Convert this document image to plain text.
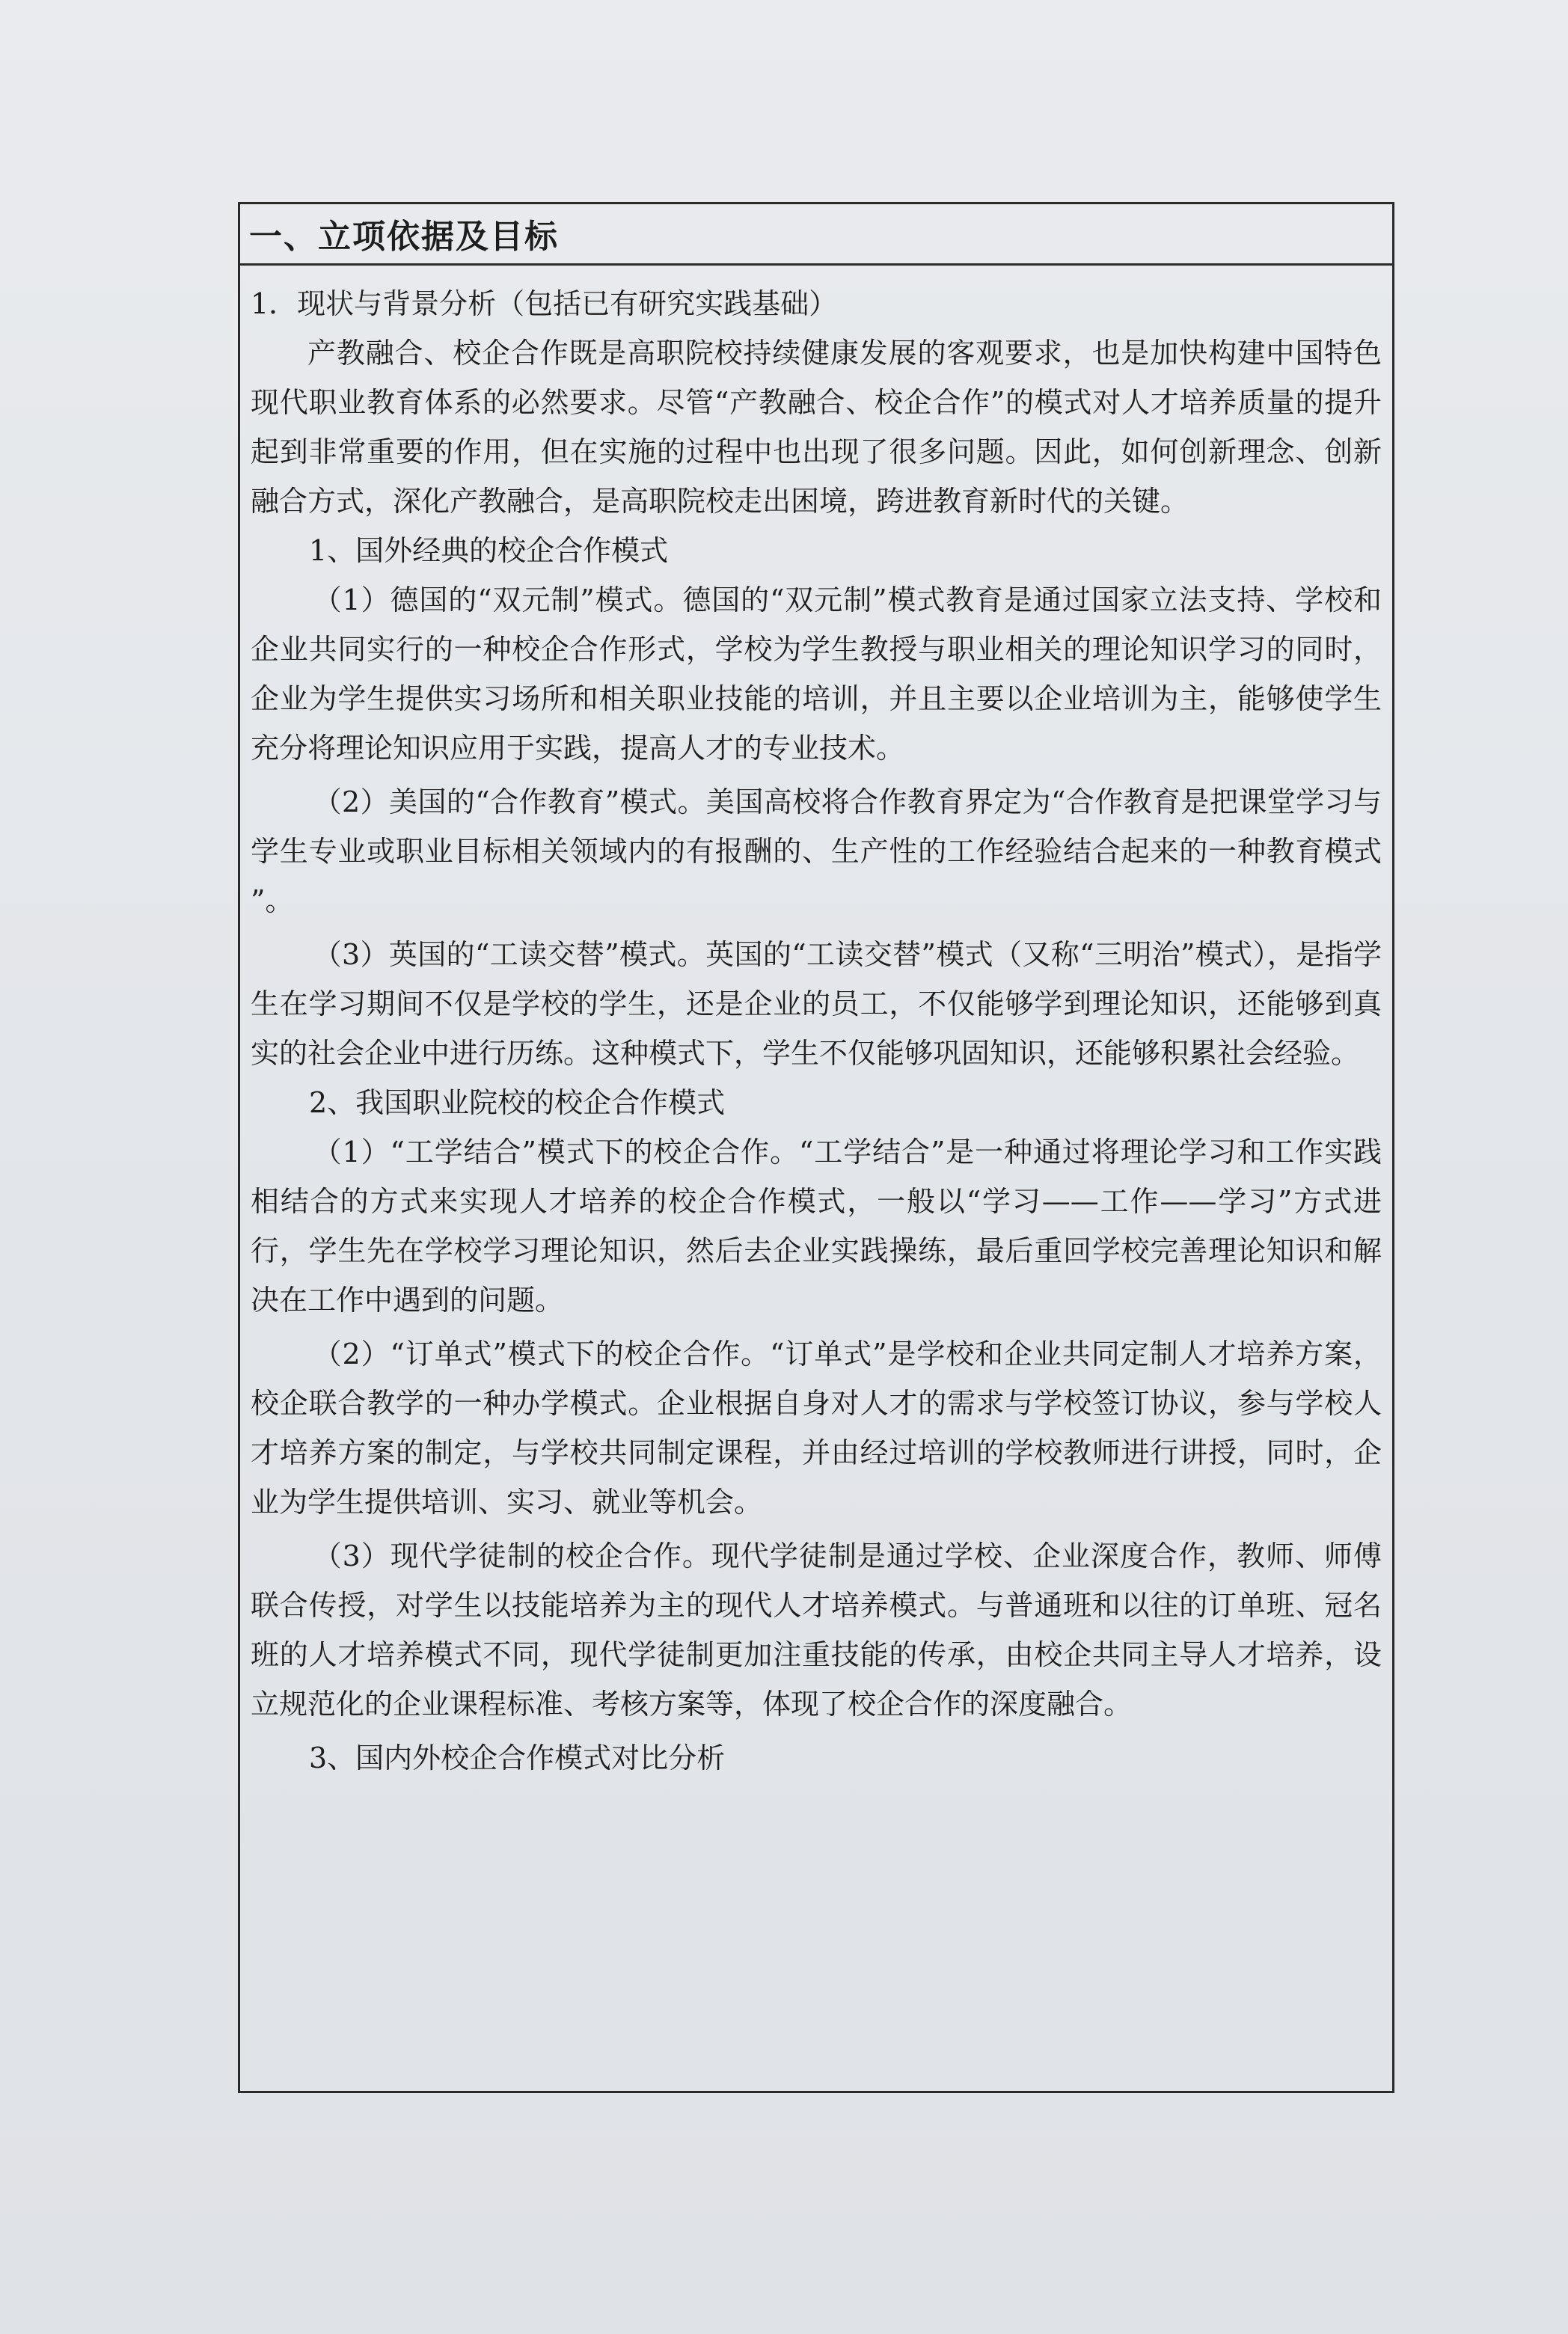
一、立项依据及目标

1．现状与背景分析（包括已有研究实践基础）

产教融合、校企合作既是高职院校持续健康发展的客观要求，也是加快构建中国特色现代职业教育体系的必然要求。尽管“产教融合、校企合作”的模式对人才培养质量的提升起到非常重要的作用，但在实施的过程中也出现了很多问题。因此，如何创新理念、创新融合方式，深化产教融合，是高职院校走出困境，跨进教育新时代的关键。

1、国外经典的校企合作模式

（1）德国的“双元制”模式。德国的“双元制”模式教育是通过国家立法支持、学校和企业共同实行的一种校企合作形式，学校为学生教授与职业相关的理论知识学习的同时，企业为学生提供实习场所和相关职业技能的培训，并且主要以企业培训为主，能够使学生充分将理论知识应用于实践，提高人才的专业技术。

（2）美国的“合作教育”模式。美国高校将合作教育界定为“合作教育是把课堂学习与学生专业或职业目标相关领域内的有报酬的、生产性的工作经验结合起来的一种教育模式 ”。

（3）英国的“工读交替”模式。英国的“工读交替”模式（又称“三明治”模式），是指学生在学习期间不仅是学校的学生，还是企业的员工，不仅能够学到理论知识，还能够到真实的社会企业中进行历练。这种模式下，学生不仅能够巩固知识，还能够积累社会经验。

2、我国职业院校的校企合作模式

（1）“工学结合”模式下的校企合作。“工学结合”是一种通过将理论学习和工作实践相结合的方式来实现人才培养的校企合作模式，一般以“学习——工作——学习”方式进行，学生先在学校学习理论知识，然后去企业实践操练，最后重回学校完善理论知识和解决在工作中遇到的问题。

（2）“订单式”模式下的校企合作。“订单式”是学校和企业共同定制人才培养方案，校企联合教学的一种办学模式。企业根据自身对人才的需求与学校签订协议，参与学校人才培养方案的制定，与学校共同制定课程，并由经过培训的学校教师进行讲授，同时，企业为学生提供培训、实习、就业等机会。

（3）现代学徒制的校企合作。现代学徒制是通过学校、企业深度合作，教师、师傅联合传授，对学生以技能培养为主的现代人才培养模式。与普通班和以往的订单班、冠名班的人才培养模式不同，现代学徒制更加注重技能的传承，由校企共同主导人才培养，设立规范化的企业课程标准、考核方案等，体现了校企合作的深度融合。

3、国内外校企合作模式对比分析
